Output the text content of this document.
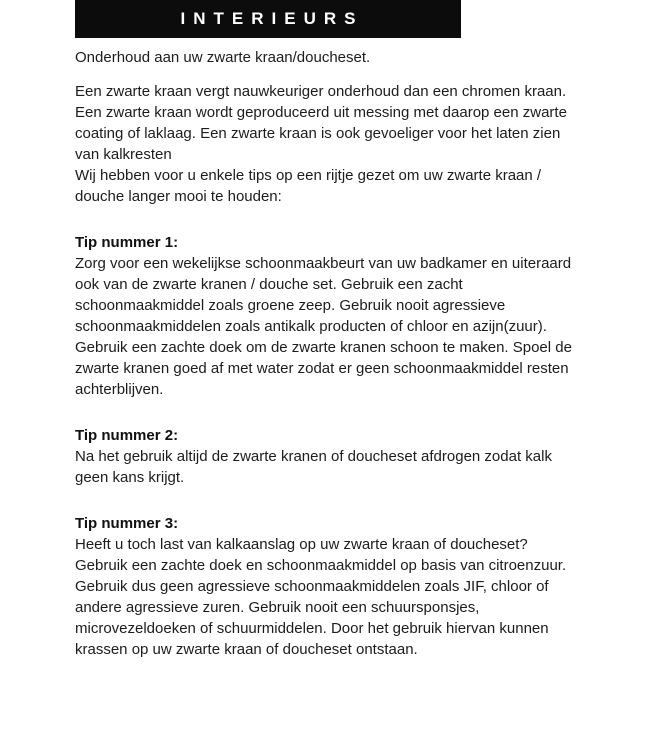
INTERIEURS

Onderhoud aan uw zwarte kraan/doucheset.

Een zwarte kraan vergt nauwkeuriger onderhoud dan een chromen kraan. Een zwarte kraan wordt geproduceerd uit messing met daarop een zwarte coating of laklaag. Een zwarte kraan is ook gevoeliger voor het laten zien van kalkresten

Wij hebben voor u enkele tips op een rijtje gezet om uw zwarte kraan / douche langer mooi te houden:

Tip nummer 1:

Zorg voor een wekelijkse schoonmaakbeurt van uw badkamer en uiteraard ook van de zwarte kranen / douche set. Gebruik een zacht schoonmaakmiddel zoals groene zeep. Gebruik nooit agressieve schoonmaakmiddelen zoals antikalk producten of chloor en azijn(zuur).

Gebruik een zachte doek om de zwarte kranen schoon te maken. Spoel de zwarte kranen goed af met water zodat er geen schoonmaakmiddel resten achterblijven.

Tip nummer 2:

Na het gebruik altijd de zwarte kranen of doucheset afdrogen zodat kalk geen kans krijgt.

Tip nummer 3:

Heeft u toch last van kalkaanslag op uw zwarte kraan of doucheset? Gebruik een zachte doek en schoonmaakmiddel op basis van citroenzuur. Gebruik dus geen agressieve schoonmaakmiddelen zoals JIF, chloor of andere agressieve zuren. Gebruik nooit een schuursponsjes, microvezeldoeken of schuurmiddelen. Door het gebruik hiervan kunnen krassen op uw zwarte kraan of doucheset ontstaan.
